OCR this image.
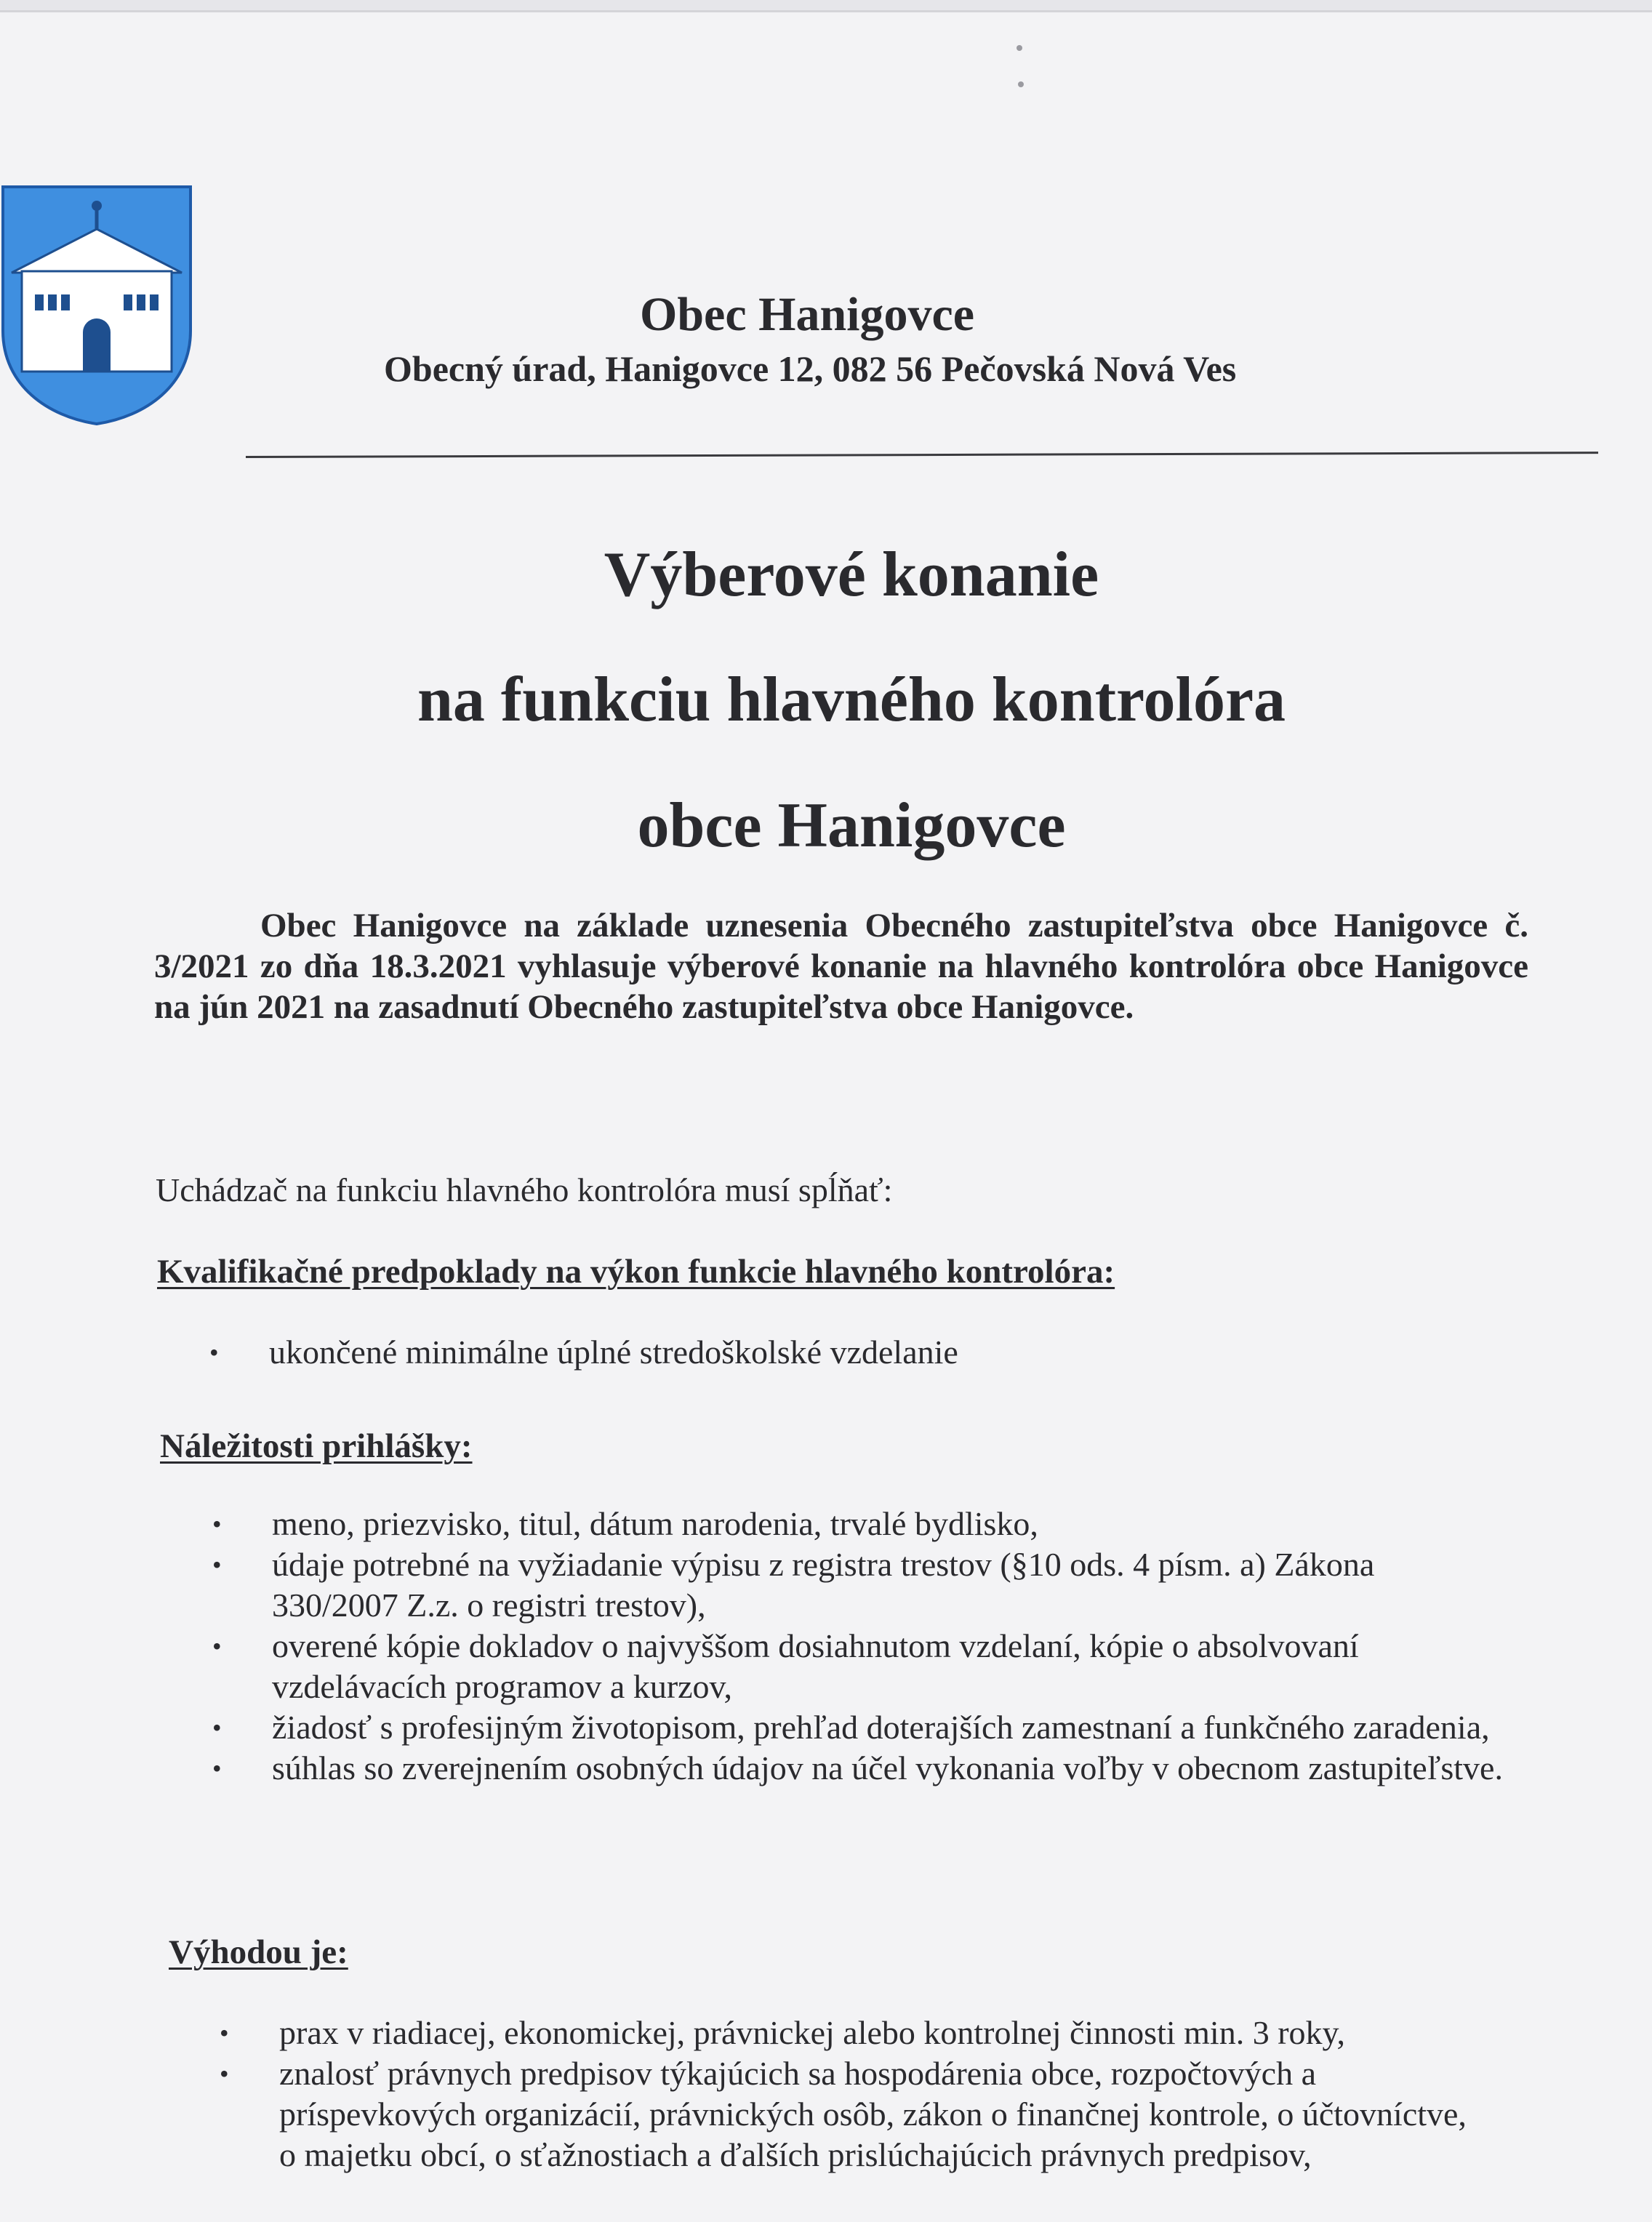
Obec Hanigovce
Obecný úrad, Hanigovce 12, 082 56 Pečovská Nová Ves
Výberové konanie
na funkciu hlavného kontrolóra
obce Hanigovce
Obec Hanigovce na základe uznesenia Obecného zastupiteľstva obce Hanigovce č. 3/2021 zo dňa 18.3.2021 vyhlasuje výberové konanie na hlavného kontrolóra obce Hanigovce na jún 2021 na zasadnutí Obecného zastupiteľstva obce Hanigovce.
Uchádzač na funkciu hlavného kontrolóra musí spĺňať:
Kvalifikačné predpoklady na výkon funkcie hlavného kontrolóra:
• ukončené minimálne úplné stredoškolské vzdelanie
Náležitosti prihlášky:
• meno, priezvisko, titul, dátum narodenia, trvalé bydlisko,
• údaje potrebné na vyžiadanie výpisu z registra trestov (§10 ods. 4 písm. a) Zákona 330/2007 Z.z. o registri trestov),
• overené kópie dokladov o najvyššom dosiahnutom vzdelaní, kópie o absolvovaní vzdelávacích programov a kurzov,
• žiadosť s profesijným životopisom, prehľad doterajších zamestnaní a funkčného zaradenia,
• súhlas so zverejnením osobných údajov na účel vykonania voľby v obecnom zastupiteľstve.
Výhodou je:
• prax v riadiacej, ekonomickej, právnickej alebo kontrolnej činnosti min. 3 roky,
• znalosť právnych predpisov týkajúcich sa hospodárenia obce, rozpočtových a príspevkových organizácií, právnických osôb, zákon o finančnej kontrole, o účtovníctve, o majetku obcí, o sťažnostiach a ďalších prislúchajúcich právnych predpisov,
